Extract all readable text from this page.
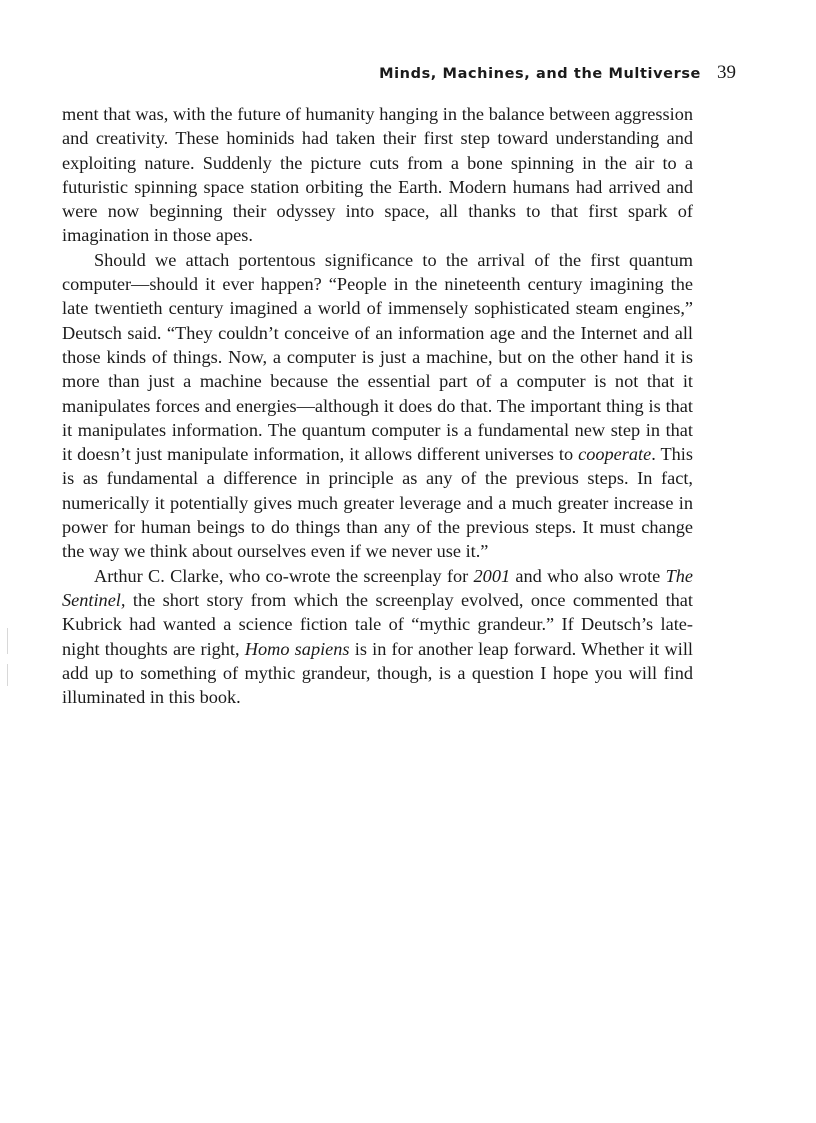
Minds, Machines, and the Multiverse 39

ment that was, with the future of humanity hanging in the balance between aggression and creativity. These hominids had taken their first step toward understanding and exploiting nature. Suddenly the picture cuts from a bone spinning in the air to a futuristic spinning space station orbiting the Earth. Modern humans had arrived and were now beginning their odyssey into space, all thanks to that first spark of imagination in those apes.

Should we attach portentous significance to the arrival of the first quantum computer—should it ever happen? “People in the nineteenth century imagining the late twentieth century imagined a world of immensely sophisticated steam engines,” Deutsch said. “They couldn’t conceive of an information age and the Internet and all those kinds of things. Now, a computer is just a machine, but on the other hand it is more than just a machine because the essential part of a computer is not that it manipulates forces and energies—although it does do that. The important thing is that it manipulates information. The quantum computer is a fundamental new step in that it doesn’t just manipulate information, it allows different universes to cooperate. This is as fundamental a difference in principle as any of the previous steps. In fact, numerically it potentially gives much greater leverage and a much greater increase in power for human beings to do things than any of the previous steps. It must change the way we think about ourselves even if we never use it.”

Arthur C. Clarke, who co-wrote the screenplay for 2001 and who also wrote The Sentinel, the short story from which the screenplay evolved, once commented that Kubrick had wanted a science fiction tale of “mythic grandeur.” If Deutsch’s late-night thoughts are right, Homo sapiens is in for another leap forward. Whether it will add up to something of mythic grandeur, though, is a question I hope you will find illuminated in this book.
